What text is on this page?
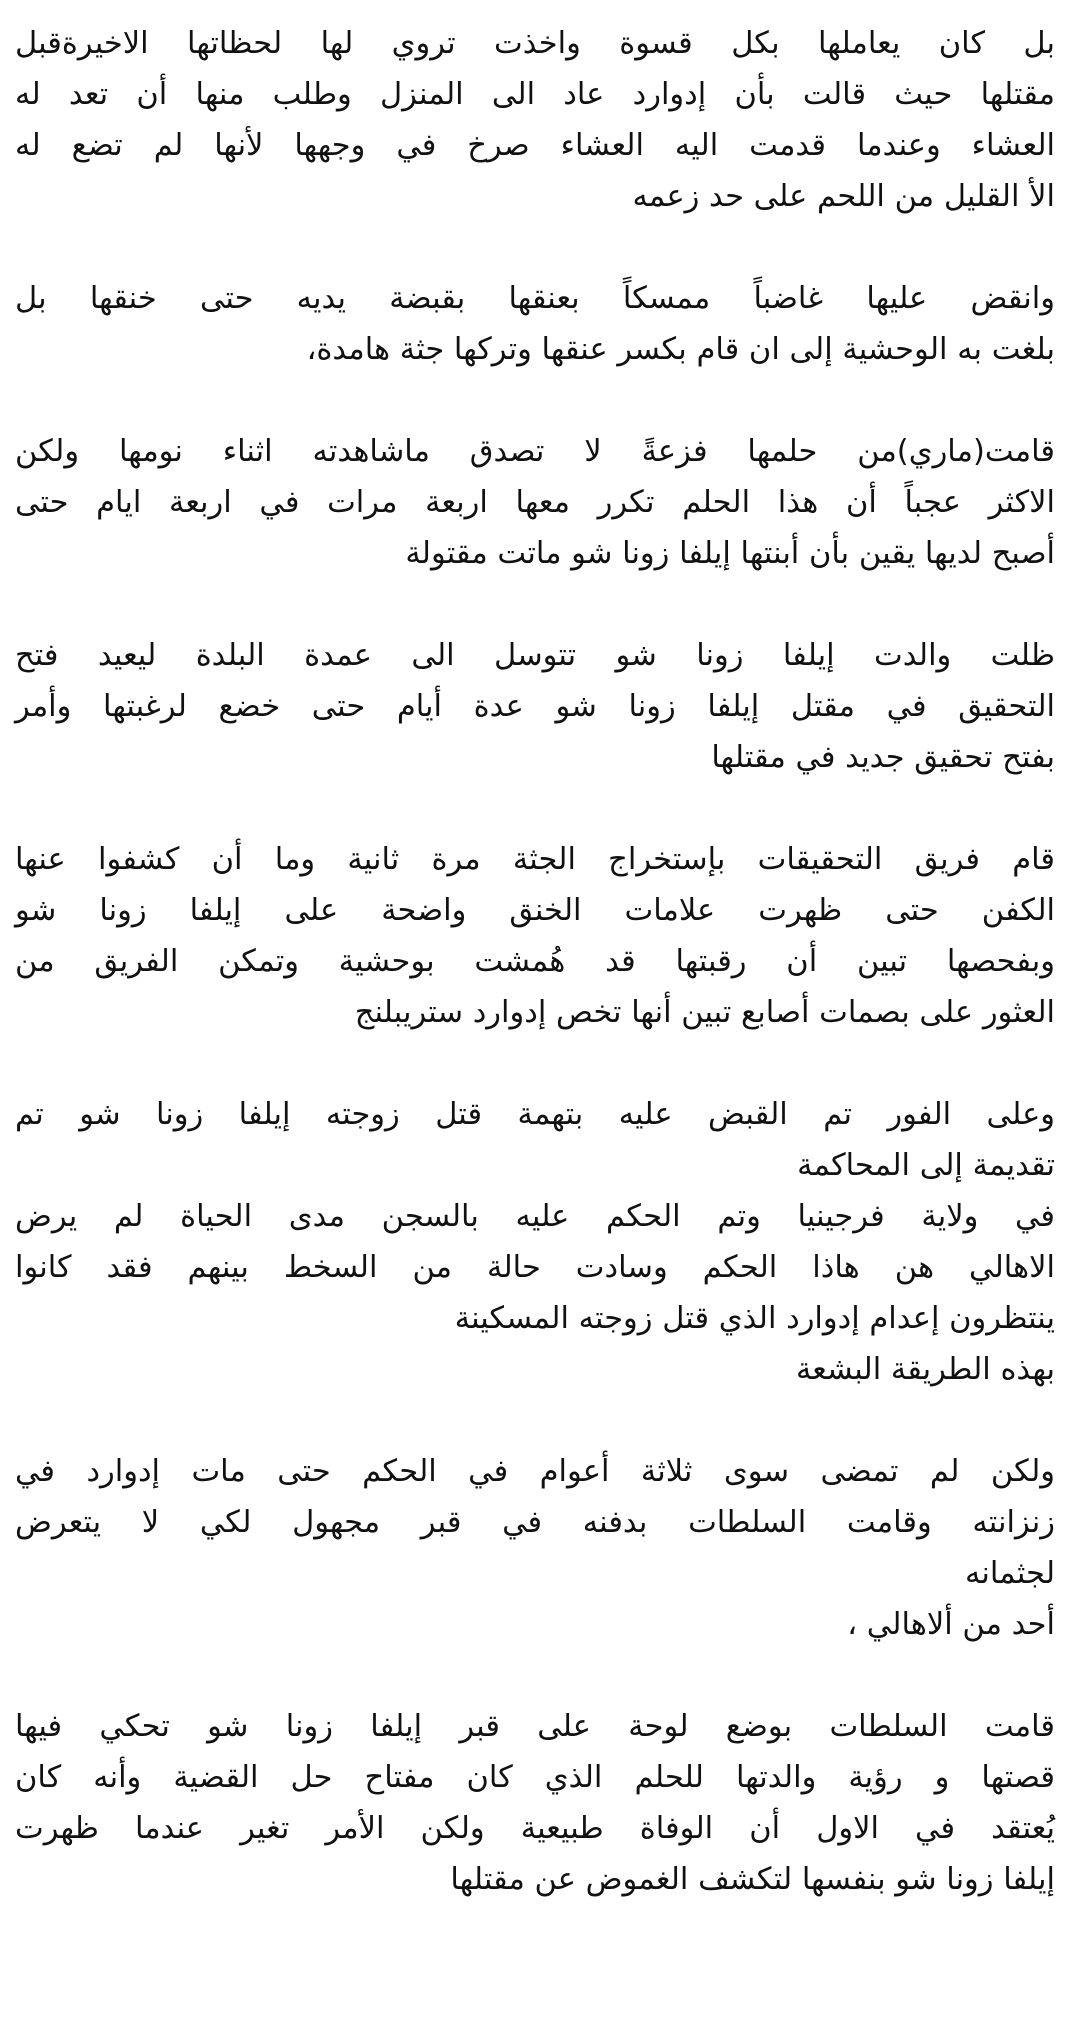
بل كان يعاملها بكل قسوة واخذت تروي لها لحظاتها الاخيرةقبل
مقتلها حيث قالت بأن إدوارد عاد الى المنزل وطلب منها أن تعد له
العشاء وعندما قدمت اليه العشاء صرخ في وجهها لأنها لم تضع له
الأ القليل من اللحم على حد زعمه

وانقض عليها غاضباً ممسكاً بعنقها بقبضة يديه حتى خنقها بل
بلغت به الوحشية إلى ان قام بكسر عنقها وتركها جثة هامدة،

قامت(ماري)من حلمها فزعةً لا تصدق ماشاهدته اثناء نومها ولكن
الاكثر عجباً أن هذا الحلم تكرر معها اربعة مرات في اربعة ايام حتى
أصبح لديها يقين بأن أبنتها إيلفا زونا شو ماتت مقتولة

ظلت والدت إيلفا زونا شو تتوسل الى عمدة البلدة ليعيد فتح
التحقيق في مقتل إيلفا زونا شو عدة أيام حتى خضع لرغبتها وأمر
بفتح تحقيق جديد في مقتلها

قام فريق التحقيقات بإستخراج الجثة مرة ثانية وما أن كشفوا عنها
الكفن حتى ظهرت علامات الخنق واضحة على إيلفا زونا شو
وبفحصها تبين أن رقبتها قد هُمشت بوحشية وتمكن الفريق من
العثور على بصمات أصابع تبين أنها تخص إدوارد ستريبلنج

وعلى الفور تم القبض عليه بتهمة قتل زوجته إيلفا زونا شو تم
تقديمة إلى المحاكمة
في ولاية فرجينيا وتم الحكم عليه بالسجن مدى الحياة لم يرض
الاهالي هن هاذا الحكم وسادت حالة من السخط بينهم فقد كانوا
ينتظرون إعدام إدوارد الذي قتل زوجته المسكينة
بهذه الطريقة البشعة

ولكن لم تمضى سوى ثلاثة أعوام في الحكم حتى مات إدوارد في
زنزانته وقامت السلطات بدفنه في قبر مجهول لكي لا يتعرض
لجثمانه
أحد من ألاهالي ،

قامت السلطات بوضع لوحة على قبر إيلفا زونا شو تحكي فيها
قصتها و رؤية والدتها للحلم الذي كان مفتاح حل القضية وأنه كان
يُعتقد في الاول أن الوفاة طبيعية ولكن الأمر تغير عندما ظهرت
إيلفا زونا شو بنفسها لتكشف الغموض عن مقتلها
